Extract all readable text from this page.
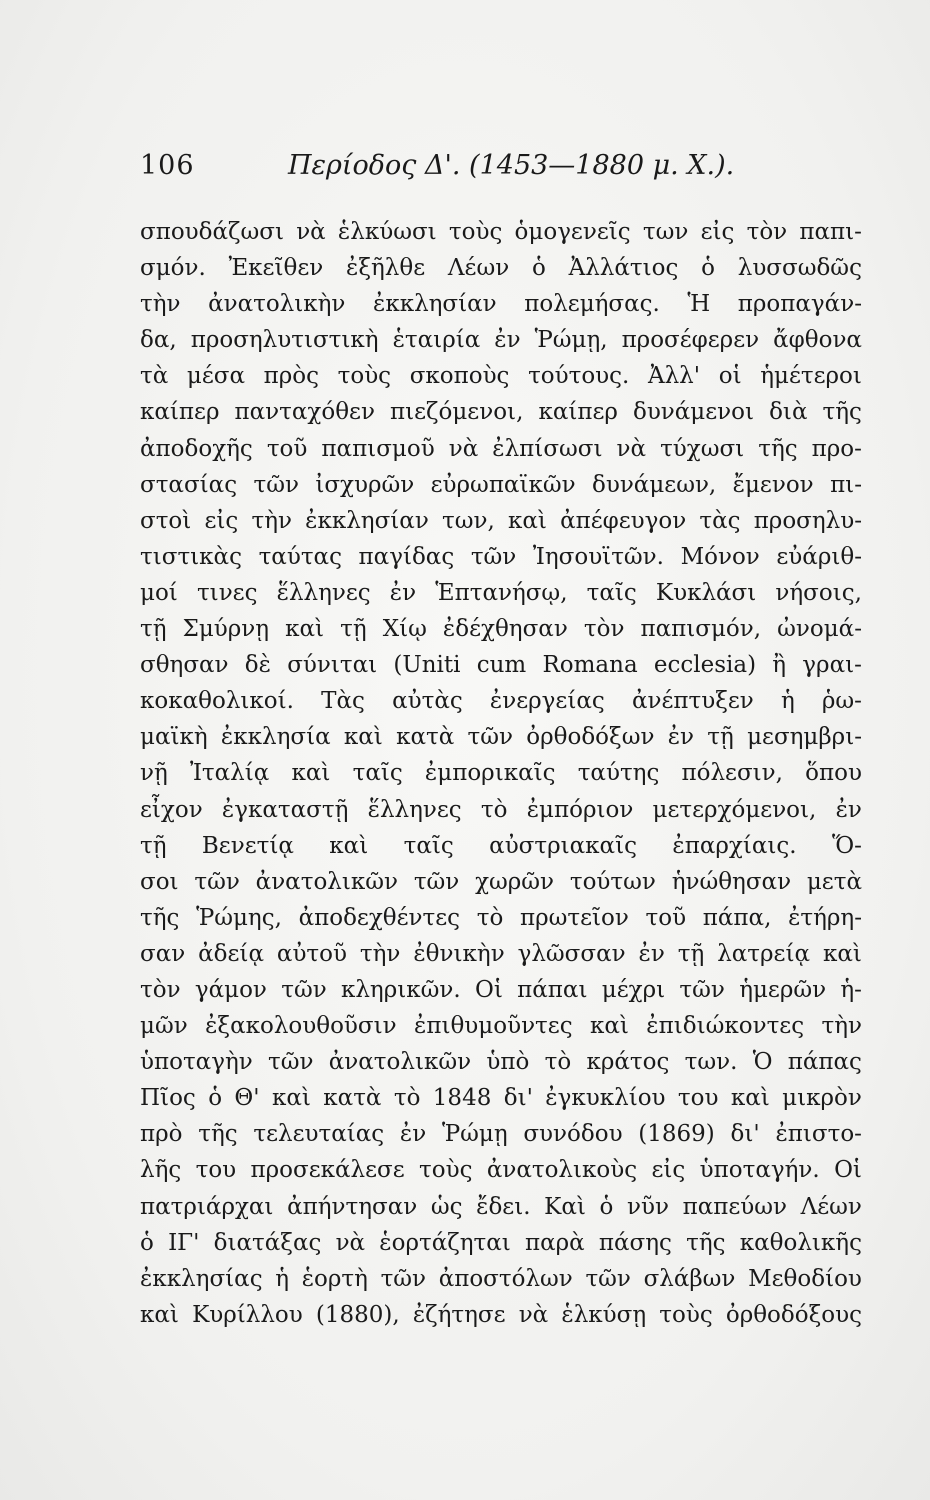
106	Περίοδος Δ'. (1453—1880 μ. Χ.).
σπουδάζωσι νὰ ἑλκύωσι τοὺς ὁμογενεῖς των εἰς τὸν παπι-
σμόν. Ἐκεῖθεν ἐξῆλθε Λέων ὁ Ἀλλάτιος ὁ λυσσωδῶς
τὴν ἀνατολικὴν ἐκκλησίαν πολεμήσας. Ἡ προπαγάν-
δα, προσηλυτιστικὴ ἑταιρία ἐν Ῥώμῃ, προσέφερεν ἄφθονα
τὰ μέσα πρὸς τοὺς σκοποὺς τούτους. Ἀλλ' οἱ ἡμέτεροι
καίπερ πανταχόθεν πιεζόμενοι, καίπερ δυνάμενοι διὰ τῆς
ἀποδοχῆς τοῦ παπισμοῦ νὰ ἐλπίσωσι νὰ τύχωσι τῆς προ-
στασίας τῶν ἰσχυρῶν εὐρωπαϊκῶν δυνάμεων, ἔμενον πι-
στοὶ εἰς τὴν ἐκκλησίαν των, καὶ ἀπέφευγον τὰς προσηλυ-
τιστικὰς ταύτας παγίδας τῶν Ἰησουϊτῶν. Μόνον εὐάριθ-
μοί τινες ἕλληνες ἐν Ἑπτανήσῳ, ταῖς Κυκλάσι νήσοις,
τῇ Σμύρνῃ καὶ τῇ Χίῳ ἐδέχθησαν τὸν παπισμόν, ὠνομά-
σθησαν δὲ σύνιται (Uniti cum Romana ecclesia) ἢ γραι-
κοκαθολικοί. Τὰς αὐτὰς ἐνεργείας ἀνέπτυξεν ἡ ῥω-
μαϊκὴ ἐκκλησία καὶ κατὰ τῶν ὀρθοδόξων ἐν τῇ μεσημβρι-
νῇ Ἰταλίᾳ καὶ ταῖς ἐμπορικαῖς ταύτης πόλεσιν, ὅπου
εἶχον ἐγκαταστῇ ἕλληνες τὸ ἐμπόριον μετερχόμενοι, ἐν
τῇ Βενετίᾳ καὶ ταῖς αὐστριακαῖς ἐπαρχίαις. Ὅ-
σοι τῶν ἀνατολικῶν τῶν χωρῶν τούτων ἡνώθησαν μετὰ
τῆς Ῥώμης, ἀποδεχθέντες τὸ πρωτεῖον τοῦ πάπα, ἐτήρη-
σαν ἀδείᾳ αὐτοῦ τὴν ἐθνικὴν γλῶσσαν ἐν τῇ λατρείᾳ καὶ
τὸν γάμον τῶν κληρικῶν. Οἱ πάπαι μέχρι τῶν ἡμερῶν ἡ-
μῶν ἐξακολουθοῦσιν ἐπιθυμοῦντες καὶ ἐπιδιώκοντες τὴν
ὑποταγὴν τῶν ἀνατολικῶν ὑπὸ τὸ κράτος των. Ὁ πάπας
Πῖος ὁ Θ' καὶ κατὰ τὸ 1848 δι' ἐγκυκλίου του καὶ μικρὸν
πρὸ τῆς τελευταίας ἐν Ῥώμῃ συνόδου (1869) δι' ἐπιστο-
λῆς του προσεκάλεσε τοὺς ἀνατολικοὺς εἰς ὑποταγήν. Οἱ
πατριάρχαι ἀπήντησαν ὡς ἔδει. Καὶ ὁ νῦν παπεύων Λέων
ὁ ΙΓ' διατάξας νὰ ἑορτάζηται παρὰ πάσης τῆς καθολικῆς
ἐκκλησίας ἡ ἑορτὴ τῶν ἀποστόλων τῶν σλάβων Μεθοδίου
καὶ Κυρίλλου (1880), ἐζήτησε νὰ ἑλκύσῃ τοὺς ὀρθοδόξους
